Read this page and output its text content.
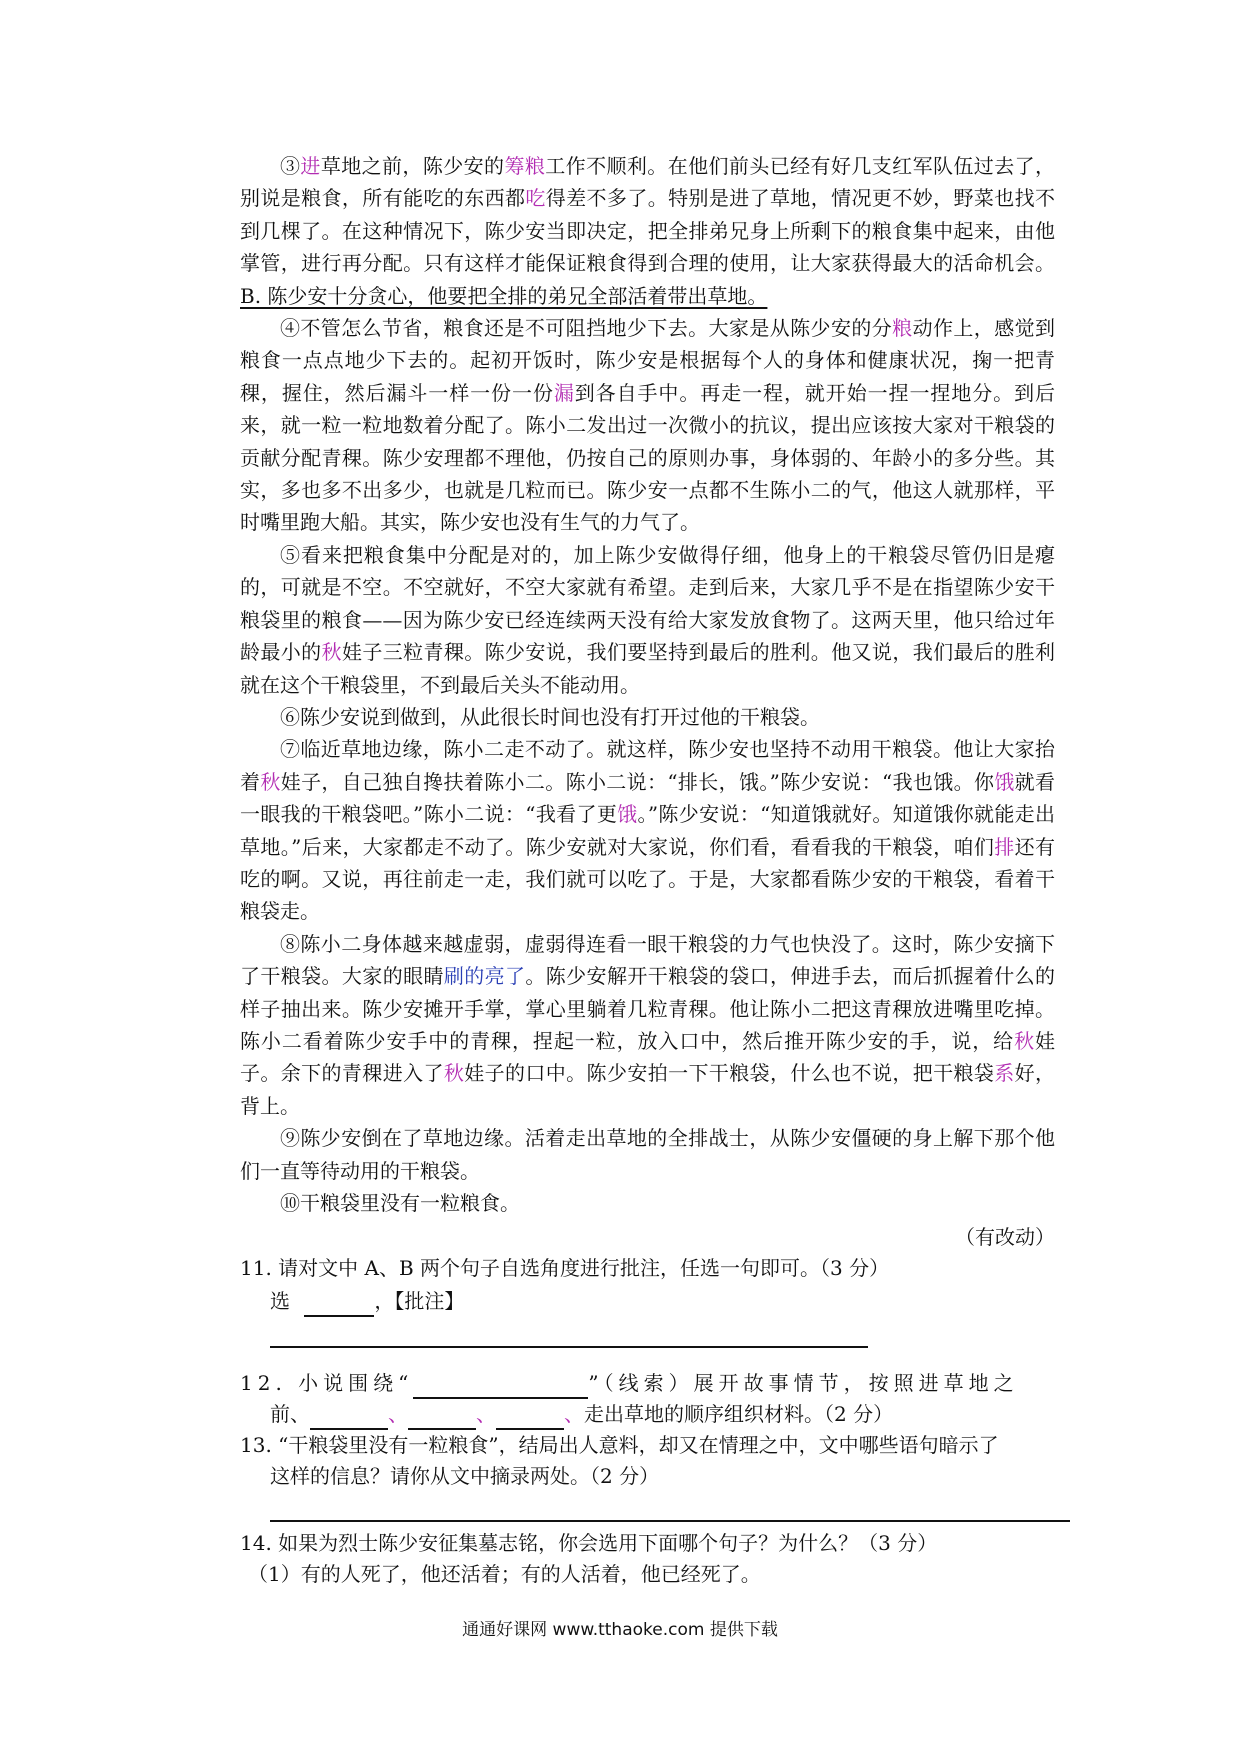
③进草地之前，陈少安的筹粮工作不顺利。在他们前头已经有好几支红军队伍过去了，别说是粮食，所有能吃的东西都吃得差不多了。特别是进了草地，情况更不妙，野菜也找不到几棵了。在这种情况下，陈少安当即决定，把全排弟兄身上所剩下的粮食集中起来，由他掌管，进行再分配。只有这样才能保证粮食得到合理的使用，让大家获得最大的活命机会。B. 陈少安十分贪心，他要把全排的弟兄全部活着带出草地。

④不管怎么节省，粮食还是不可阻挡地少下去。大家是从陈少安的分粮动作上，感觉到粮食一点点地少下去的。起初开饭时，陈少安是根据每个人的身体和健康状况，掬一把青稞，握住，然后漏斗一样一份一份漏到各自手中。再走一程，就开始一捏一捏地分。到后来，就一粒一粒地数着分配了。陈小二发出过一次微小的抗议，提出应该按大家对干粮袋的贡献分配青稞。陈少安理都不理他，仍按自己的原则办事，身体弱的、年龄小的多分些。其实，多也多不出多少，也就是几粒而已。陈少安一点都不生陈小二的气，他这人就那样，平时嘴里跑大船。其实，陈少安也没有生气的力气了。

⑤看来把粮食集中分配是对的，加上陈少安做得仔细，他身上的干粮袋尽管仍旧是瘪的，可就是不空。不空就好，不空大家就有希望。走到后来，大家几乎不是在指望陈少安干粮袋里的粮食——因为陈少安已经连续两天没有给大家发放食物了。这两天里，他只给过年龄最小的秋娃子三粒青稞。陈少安说，我们要坚持到最后的胜利。他又说，我们最后的胜利就在这个干粮袋里，不到最后关头不能动用。

⑥陈少安说到做到，从此很长时间也没有打开过他的干粮袋。

⑦临近草地边缘，陈小二走不动了。就这样，陈少安也坚持不动用干粮袋。他让大家抬着秋娃子，自己独自搀扶着陈小二。陈小二说：“排长，饿。”陈少安说：“我也饿。你饿就看一眼我的干粮袋吧。”陈小二说：“我看了更饿。”陈少安说：“知道饿就好。知道饿你就能走出草地。”后来，大家都走不动了。陈少安就对大家说，你们看，看看我的干粮袋，咱们排还有吃的啊。又说，再往前走一走，我们就可以吃了。于是，大家都看陈少安的干粮袋，看着干粮袋走。

⑧陈小二身体越来越虚弱，虚弱得连看一眼干粮袋的力气也快没了。这时，陈少安摘下了干粮袋。大家的眼睛刷的亮了。陈少安解开干粮袋的袋口，伸进手去，而后抓握着什么的样子抽出来。陈少安摊开手掌，掌心里躺着几粒青稞。他让陈小二把这青稞放进嘴里吃掉。陈小二看着陈少安手中的青稞，捏起一粒，放入口中，然后推开陈少安的手，说，给秋娃子。余下的青稞进入了秋娃子的口中。陈少安拍一下干粮袋，什么也不说，把干粮袋系好，背上。

⑨陈少安倒在了草地边缘。活着走出草地的全排战士，从陈少安僵硬的身上解下那个他们一直等待动用的干粮袋。

⑩干粮袋里没有一粒粮食。

（有改动）

11. 请对文中 A、B 两个句子自选角度进行批注，任选一句即可。（3 分）

选	，【批注】

12. 小说围绕“	”（线索）展开故事情节，按照进草地之

前、	、	、	、走出草地的顺序组织材料。（2 分）

13. “干粮袋里没有一粒粮食”，结局出人意料，却又在情理之中，文中哪些语句暗示了

这样的信息？请你从文中摘录两处。（2 分）

14. 如果为烈士陈少安征集墓志铭，你会选用下面哪个句子？为什么？（3 分）

（1）有的人死了，他还活着；有的人活着，他已经死了。

通通好课网 www.tthaoke.com 提供下载
